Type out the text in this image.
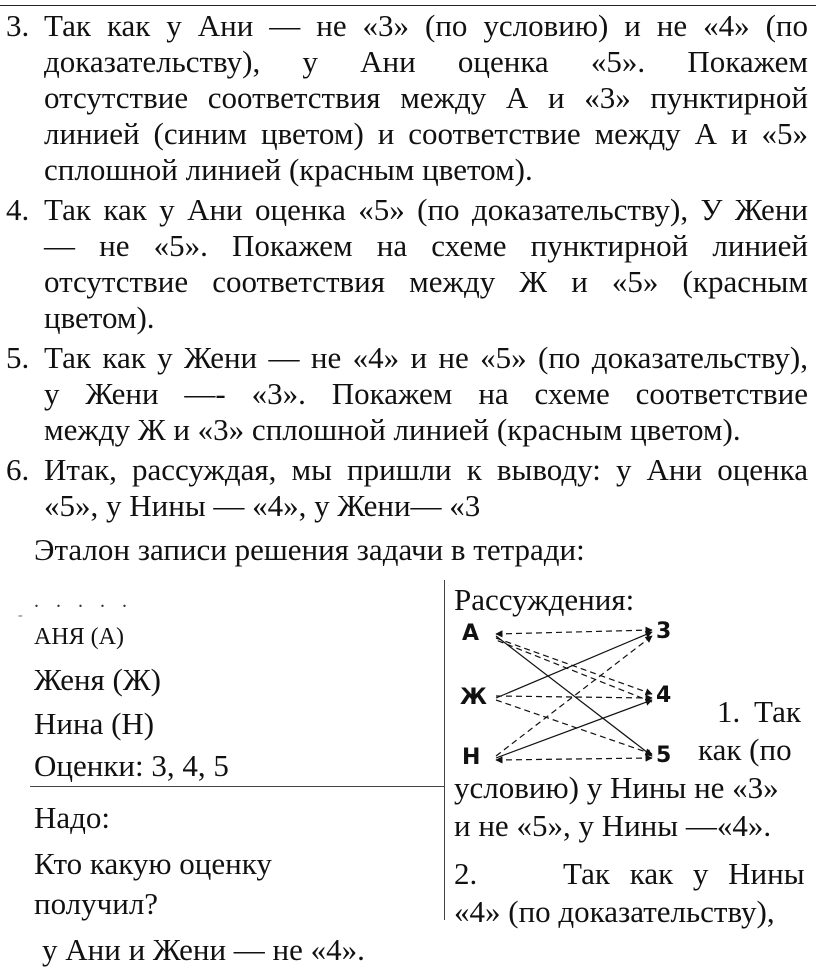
3. Так как у Ани — не «3» (по условию) и не «4» (по

доказательству), у Ани оценка «5». Покажем

отсутствие соответствия между А и «3» пунктирной

линией (синим цветом) и соответствие между А и «5»

сплошной линией (красным цветом).

4. Так как у Ани оценка «5» (по доказательству), У Жени

— не «5». Покажем на схеме пунктирной линией

отсутствие соответствия между Ж и «5» (красным

цветом).

5. Так как у Жени — не «4» и не «5» (по доказательству),

у Жени —- «3». Покажем на схеме соответствие

между Ж и «3» сплошной линией (красным цветом).

6. Итак, рассуждая, мы пришли к выводу: у Ани оценка

«5», у Нины — «4», у Жени— «3

Эталон записи решения задачи в тетради:
. . . . .
-
АНЯ (А)
Женя (Ж)
Нина (Н)
Оценки: 3, 4, 5
Надо:
Кто какую оценку
получил?
у Ани и Жени — не «4».
Рассуждения:
А
Ж
Н
3
4
5
1. Так
как (по
условию) у Нины не «3»
и не «5», у Нины —«4».
2.	Так как у Нины
«4» (по доказательству),
